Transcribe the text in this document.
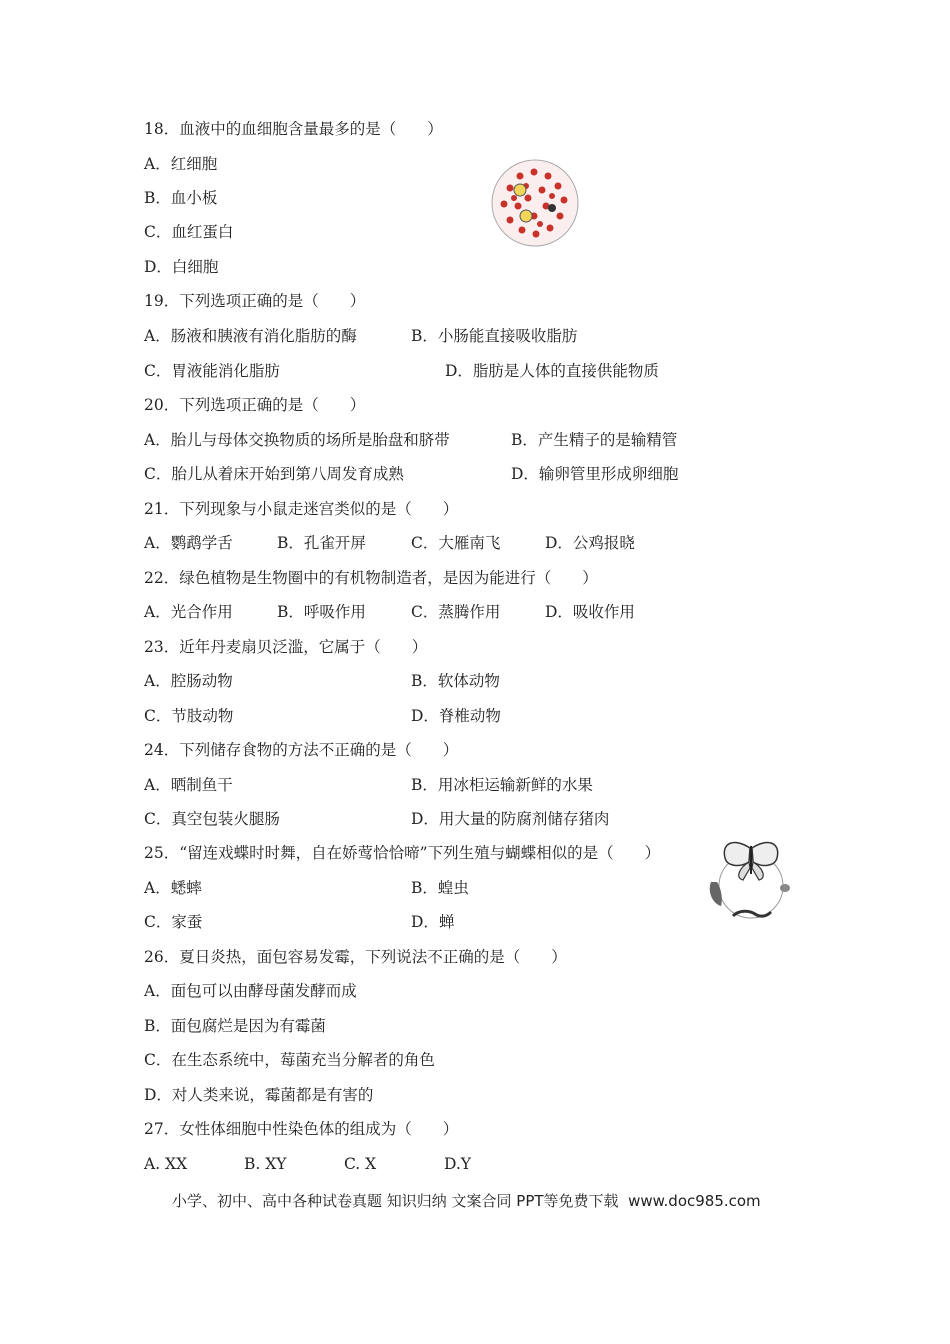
18．血液中的血细胞含量最多的是（　　）
A．红细胞
B．血小板
C．血红蛋白
D．白细胞
19．下列选项正确的是（　　）
A．肠液和胰液有消化脂肪的酶	B．小肠能直接吸收脂肪
C．胃液能消化脂肪	D．脂肪是人体的直接供能物质
20．下列选项正确的是（　　）
A．胎儿与母体交换物质的场所是胎盘和脐带	B．产生精子的是输精管
C．胎儿从着床开始到第八周发育成熟	D．输卵管里形成卵细胞
21．下列现象与小鼠走迷宫类似的是（　　）
A．鹦鹉学舌	B．孔雀开屏	C．大雁南飞	D．公鸡报晓
22．绿色植物是生物圈中的有机物制造者，是因为能进行（　　）
A．光合作用	B．呼吸作用	C．蒸腾作用	D．吸收作用
23．近年丹麦扇贝泛滥，它属于（　　）
A．腔肠动物	B．软体动物
C．节肢动物	D．脊椎动物
24．下列储存食物的方法不正确的是（　　）
A．晒制鱼干	B．用冰柜运输新鲜的水果
C．真空包装火腿肠	D．用大量的防腐剂储存猪肉
25．“留连戏蝶时时舞，自在娇莺恰恰啼”下列生殖与蝴蝶相似的是（　　）
A．蟋蟀	B．蝗虫
C．家蚕	D．蝉
26．夏日炎热，面包容易发霉，下列说法不正确的是（　　）
A．面包可以由酵母菌发酵而成
B．面包腐烂是因为有霉菌
C．在生态系统中，莓菌充当分解者的角色
D．对人类来说，霉菌都是有害的
27．女性体细胞中性染色体的组成为（　　）
A. XX	B. XY	C. X	D.Y
小学、初中、高中各种试卷真题 知识归纳 文案合同 PPT等免费下载  www.doc985.com
